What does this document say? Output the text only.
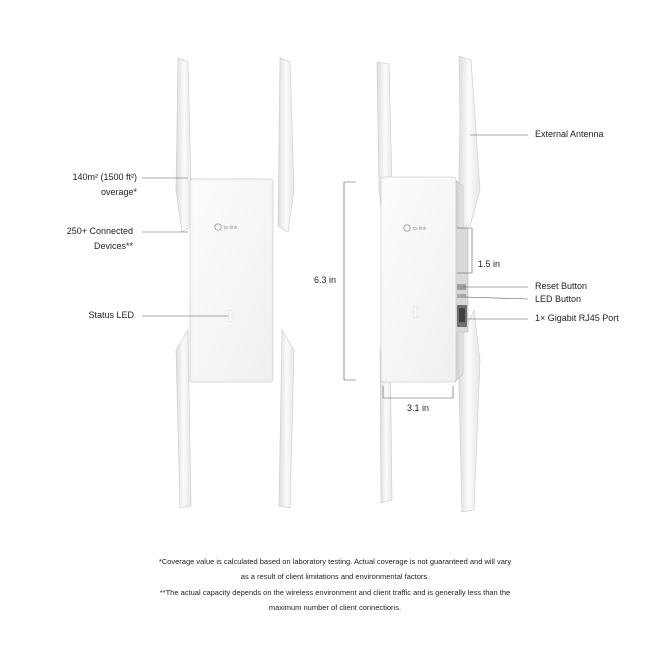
tp-link	tp-link
140m² (1500 ft²)
overage*
250+ Connected
Devices**
Status LED
External Antenna
6.3 in
1.5 in
Reset Button
LED Button
1× Gigabit RJ45 Port
3.1 in
*Coverage value is calculated based on laboratory testing. Actual coverage is not guaranteed and will vary
as a result of client limitations and environmental factors.
**The actual capacity depends on the wireless environment and client traffic and is generally less than the
maximum number of client connections.
